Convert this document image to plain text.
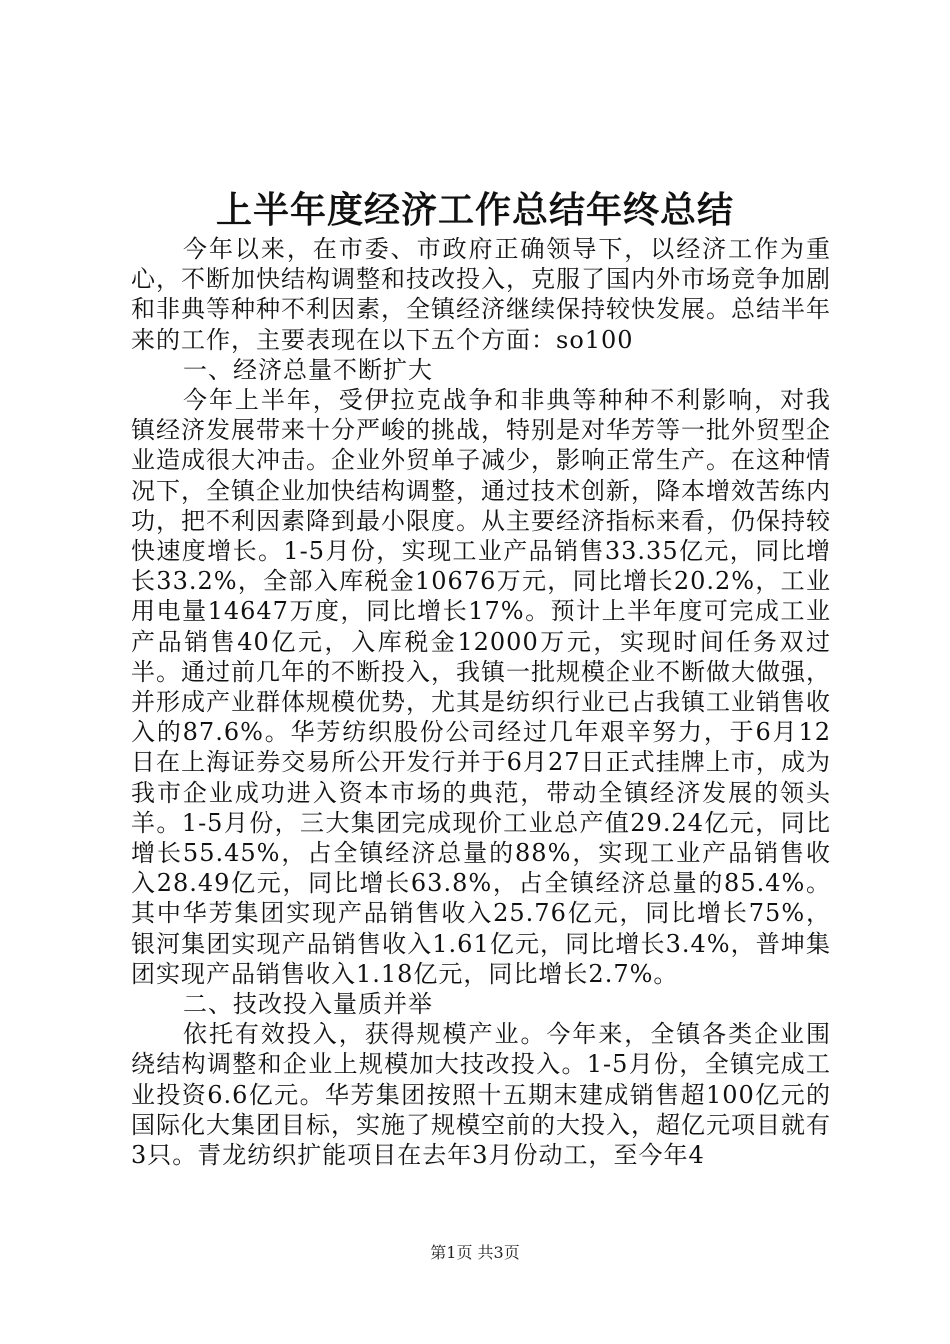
上半年度经济工作总结年终总结

今年以来，在市委、市政府正确领导下，以经济工作为重心，不断加快结构调整和技改投入，克服了国内外市场竞争加剧和非典等种种不利因素，全镇经济继续保持较快发展。总结半年来的工作，主要表现在以下五个方面：so100

一、经济总量不断扩大

今年上半年，受伊拉克战争和非典等种种不利影响，对我镇经济发展带来十分严峻的挑战，特别是对华芳等一批外贸型企业造成很大冲击。企业外贸单子减少，影响正常生产。在这种情况下，全镇企业加快结构调整，通过技术创新，降本增效苦练内功，把不利因素降到最小限度。从主要经济指标来看，仍保持较快速度增长。1-5月份，实现工业产品销售33.35亿元，同比增长33.2%，全部入库税金10676万元，同比增长20.2%，工业用电量14647万度，同比增长17%。预计上半年度可完成工业产品销售40亿元，入库税金12000万元，实现时间任务双过半。通过前几年的不断投入，我镇一批规模企业不断做大做强，并形成产业群体规模优势，尤其是纺织行业已占我镇工业销售收入的87.6%。华芳纺织股份公司经过几年艰辛努力，于6月12日在上海证券交易所公开发行并于6月27日正式挂牌上市，成为我市企业成功进入资本市场的典范，带动全镇经济发展的领头羊。1-5月份，三大集团完成现价工业总产值29.24亿元，同比增长55.45%，占全镇经济总量的88%，实现工业产品销售收入28.49亿元，同比增长63.8%，占全镇经济总量的85.4%。其中华芳集团实现产品销售收入25.76亿元，同比增长75%，银河集团实现产品销售收入1.61亿元，同比增长3.4%，普坤集团实现产品销售收入1.18亿元，同比增长2.7%。

二、技改投入量质并举

依托有效投入，获得规模产业。今年来，全镇各类企业围绕结构调整和企业上规模加大技改投入。1-5月份，全镇完成工业投资6.6亿元。华芳集团按照十五期末建成销售超100亿元的国际化大集团目标，实施了规模空前的大投入，超亿元项目就有3只。青龙纺织扩能项目在去年3月份动工，至今年4

第1页 共3页
